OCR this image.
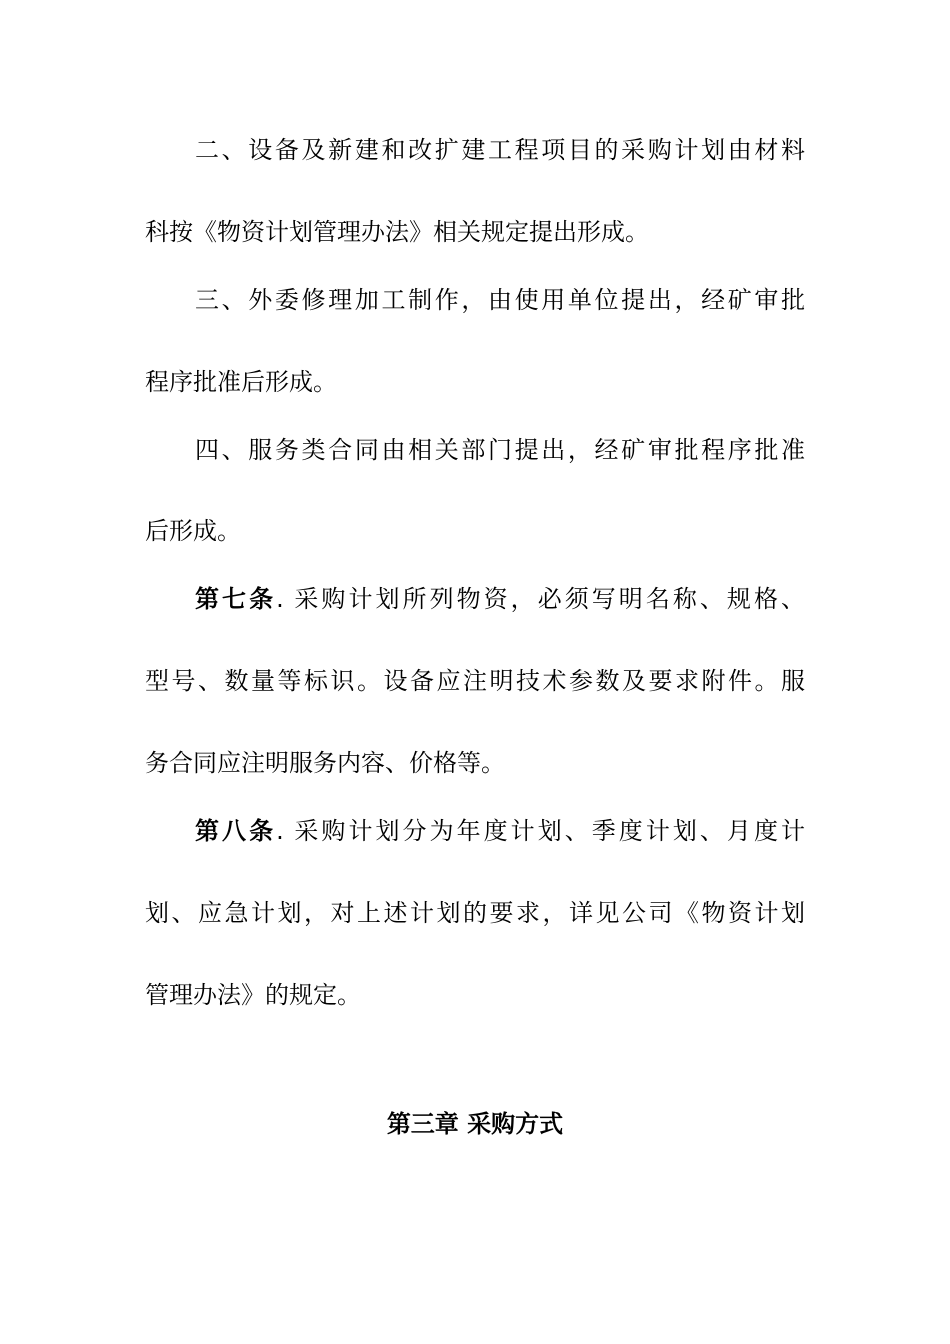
二、设备及新建和改扩建工程项目的采购计划由材料
科按《物资计划管理办法》相关规定提出形成。
三、外委修理加工制作，由使用单位提出，经矿审批
程序批准后形成。
四、服务类合同由相关部门提出，经矿审批程序批准
后形成。
第七条. 采购计划所列物资，必须写明名称、规格、
型号、数量等标识。设备应注明技术参数及要求附件。服
务合同应注明服务内容、价格等。
第八条. 采购计划分为年度计划、季度计划、月度计
划、应急计划，对上述计划的要求，详见公司《物资计划
管理办法》的规定。
第三章 采购方式
